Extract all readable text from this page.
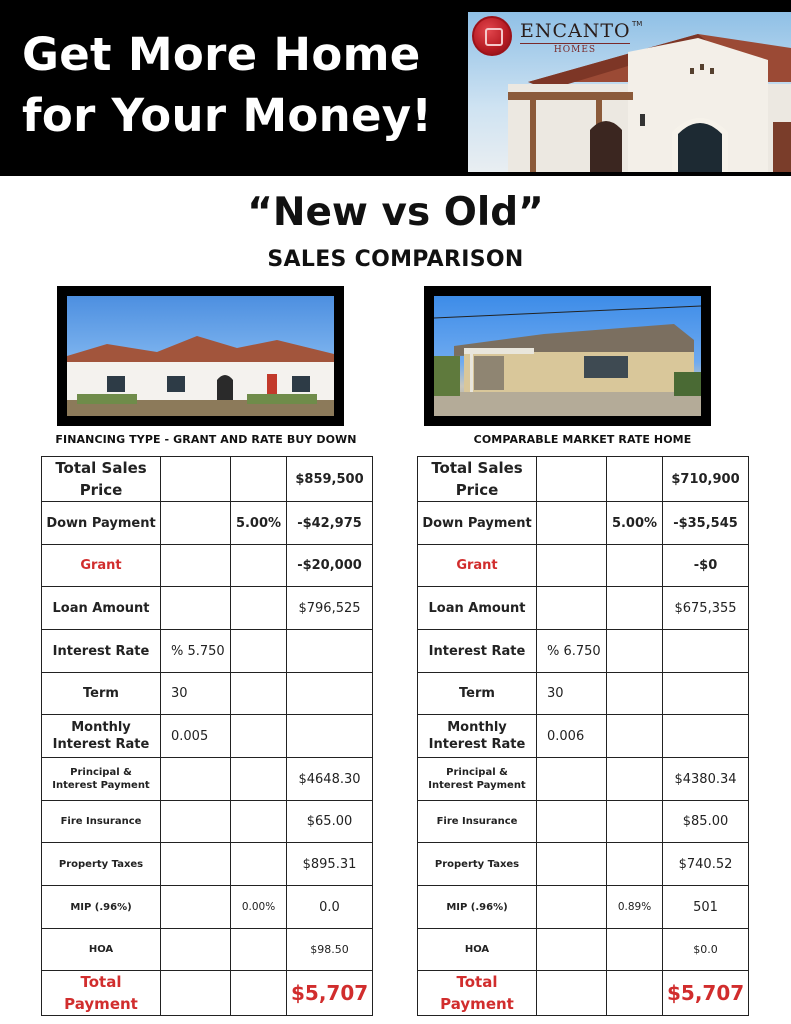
Get More Home
for Your Money!
ENCANTO TM
HOMES
“New vs Old”
SALES COMPARISON
FINANCING TYPE - GRANT AND RATE BUY DOWN	COMPARABLE MARKET RATE HOME
Total Sales Price			$859,500
Down Payment		5.00%	-$42,975
Grant			-$20,000
Loan Amount			$796,525
Interest Rate	% 5.750		
Term	30		
Monthly Interest Rate	0.005		
Principal & Interest Payment			$4648.30
Fire Insurance			$65.00
Property Taxes			$895.31
MIP (.96%)		0.00%	0.0
HOA			$98.50
Total Payment			$5,707
Total Sales Price			$710,900
Down Payment		5.00%	-$35,545
Grant			-$0
Loan Amount			$675,355
Interest Rate	% 6.750		
Term	30		
Monthly Interest Rate	0.006		
Principal & Interest Payment			$4380.34
Fire Insurance			$85.00
Property Taxes			$740.52
MIP (.96%)		0.89%	501
HOA			$0.0
Total Payment			$5,707
